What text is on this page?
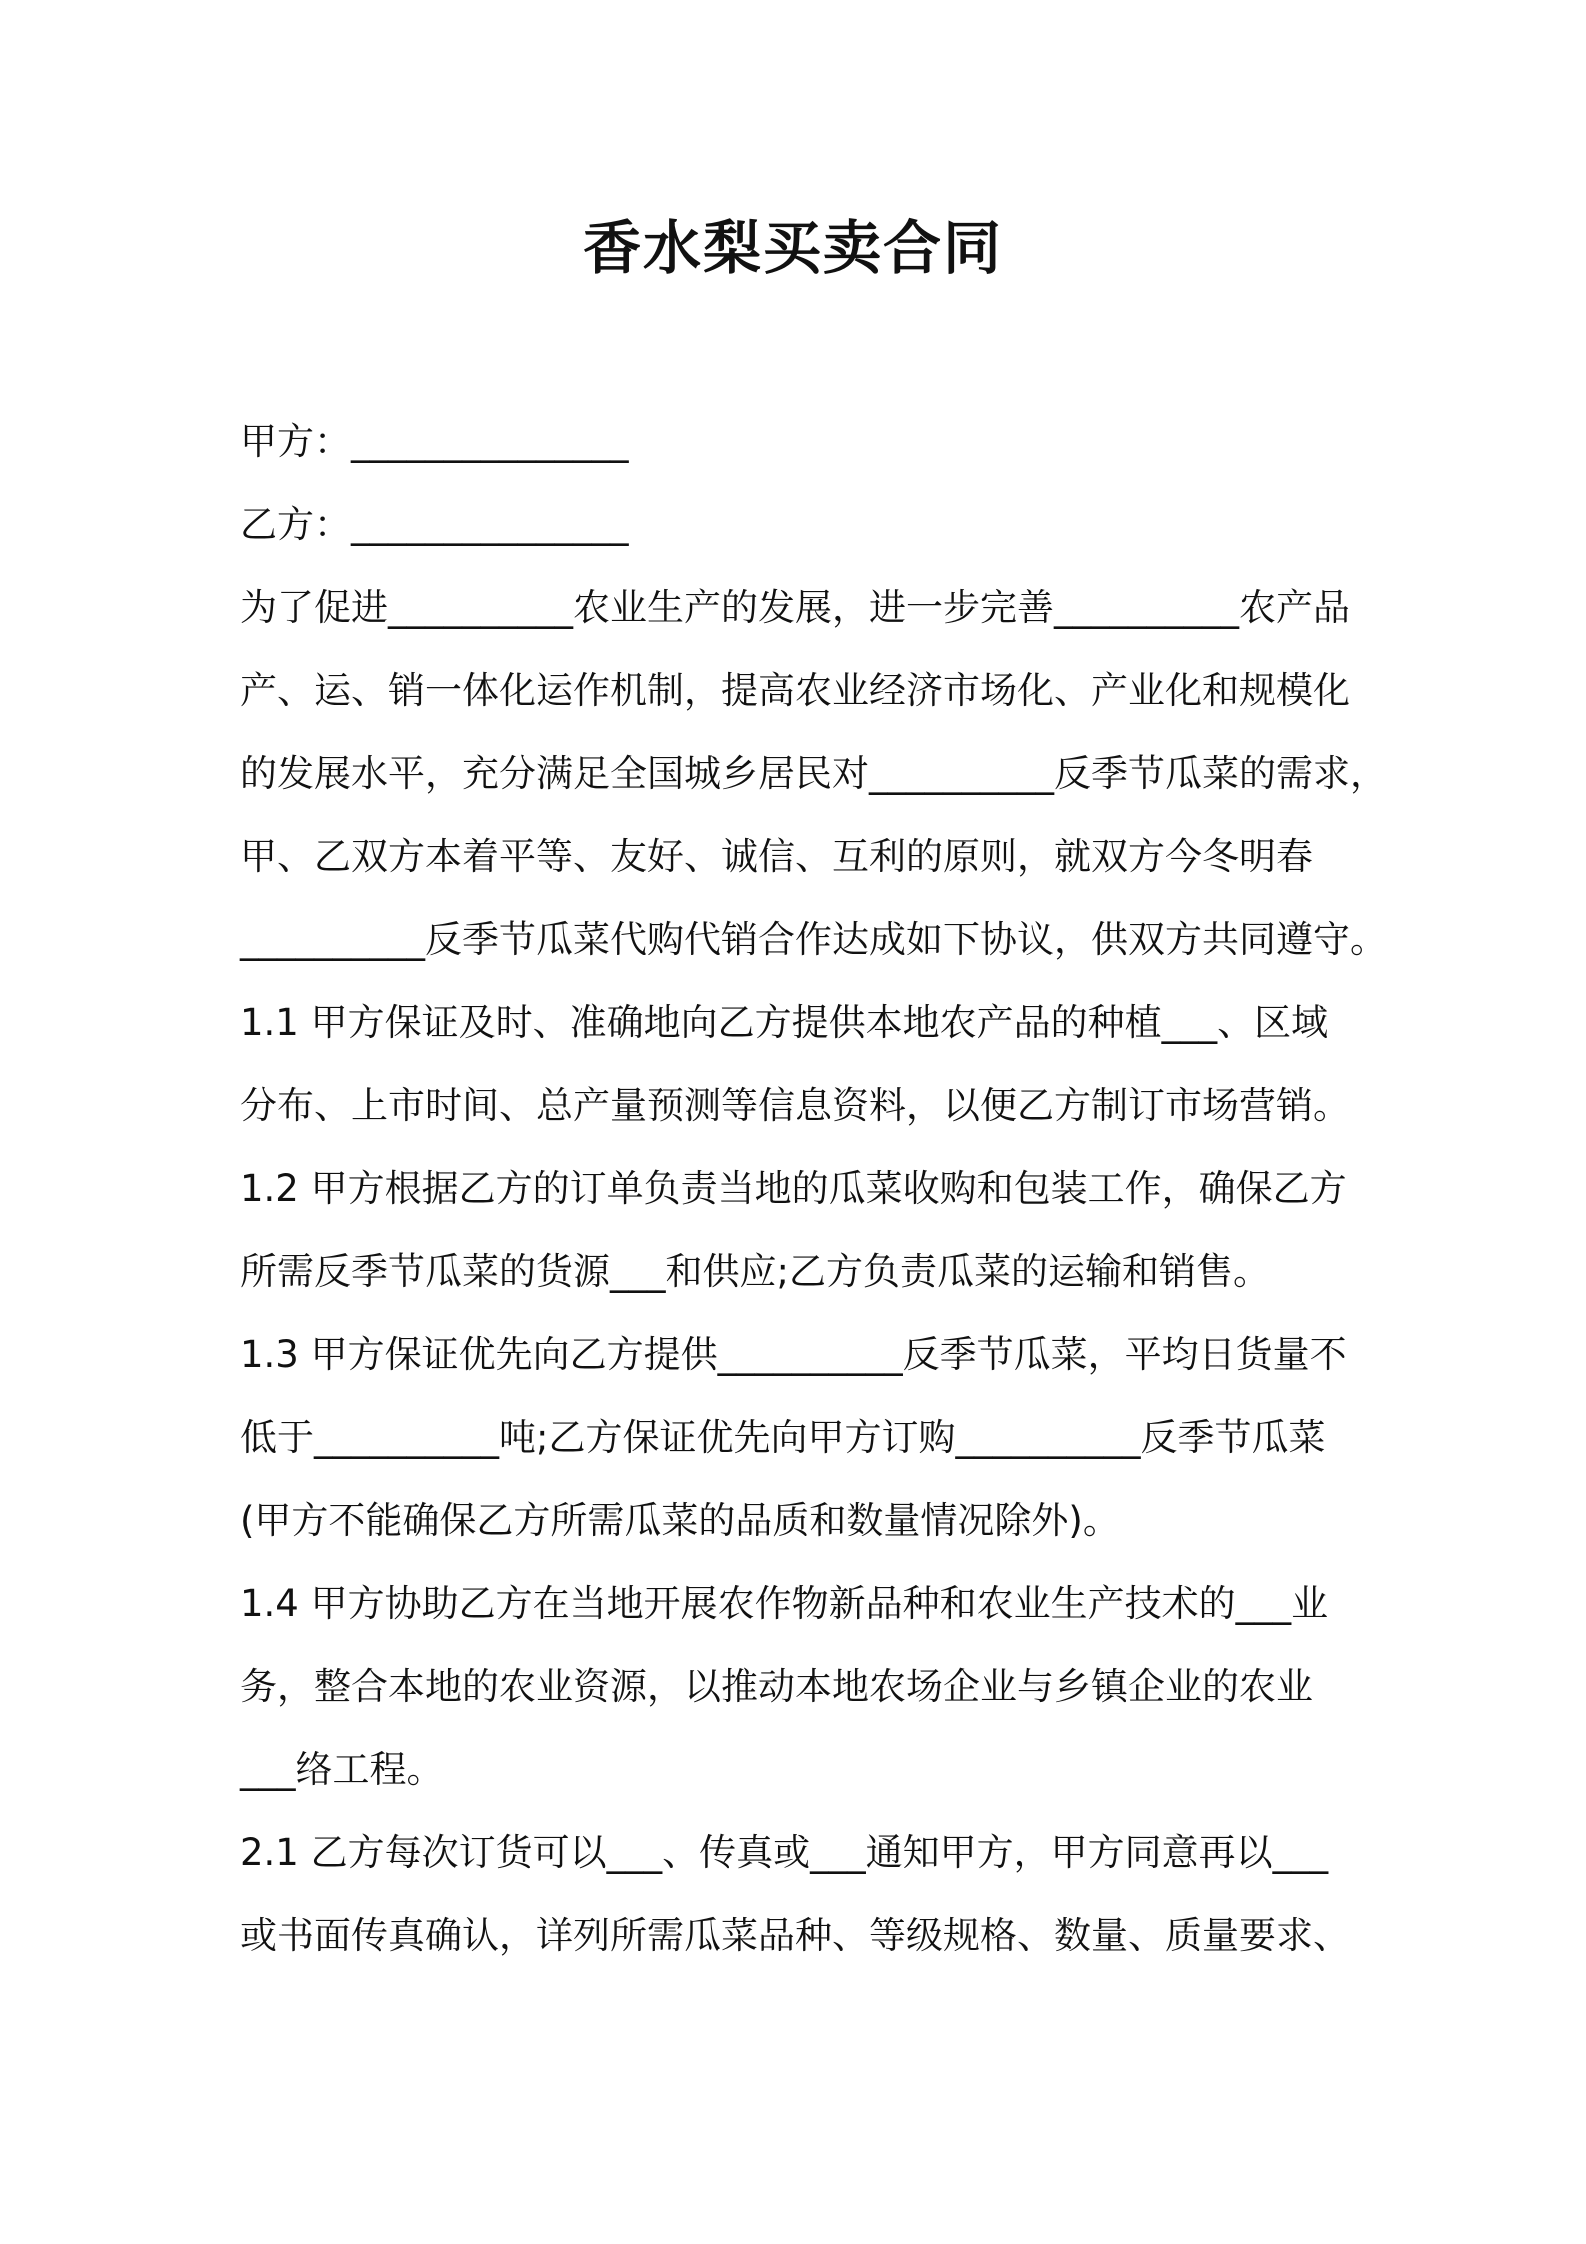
香水梨买卖合同
甲方：_______________
乙方：_______________
为了促进__________农业生产的发展，进一步完善__________农产品
产、运、销一体化运作机制，提高农业经济市场化、产业化和规模化
的发展水平，充分满足全国城乡居民对__________反季节瓜菜的需求，
甲、乙双方本着平等、友好、诚信、互利的原则，就双方今冬明春
__________反季节瓜菜代购代销合作达成如下协议，供双方共同遵守。
1.1 甲方保证及时、准确地向乙方提供本地农产品的种植___、区域
分布、上市时间、总产量预测等信息资料，以便乙方制订市场营销。
1.2 甲方根据乙方的订单负责当地的瓜菜收购和包装工作，确保乙方
所需反季节瓜菜的货源___和供应;乙方负责瓜菜的运输和销售。
1.3 甲方保证优先向乙方提供__________反季节瓜菜，平均日货量不
低于__________吨;乙方保证优先向甲方订购__________反季节瓜菜
(甲方不能确保乙方所需瓜菜的品质和数量情况除外)。
1.4 甲方协助乙方在当地开展农作物新品种和农业生产技术的___业
务，整合本地的农业资源，以推动本地农场企业与乡镇企业的农业
___络工程。
2.1 乙方每次订货可以___、传真或___通知甲方，甲方同意再以___
或书面传真确认，详列所需瓜菜品种、等级规格、数量、质量要求、
